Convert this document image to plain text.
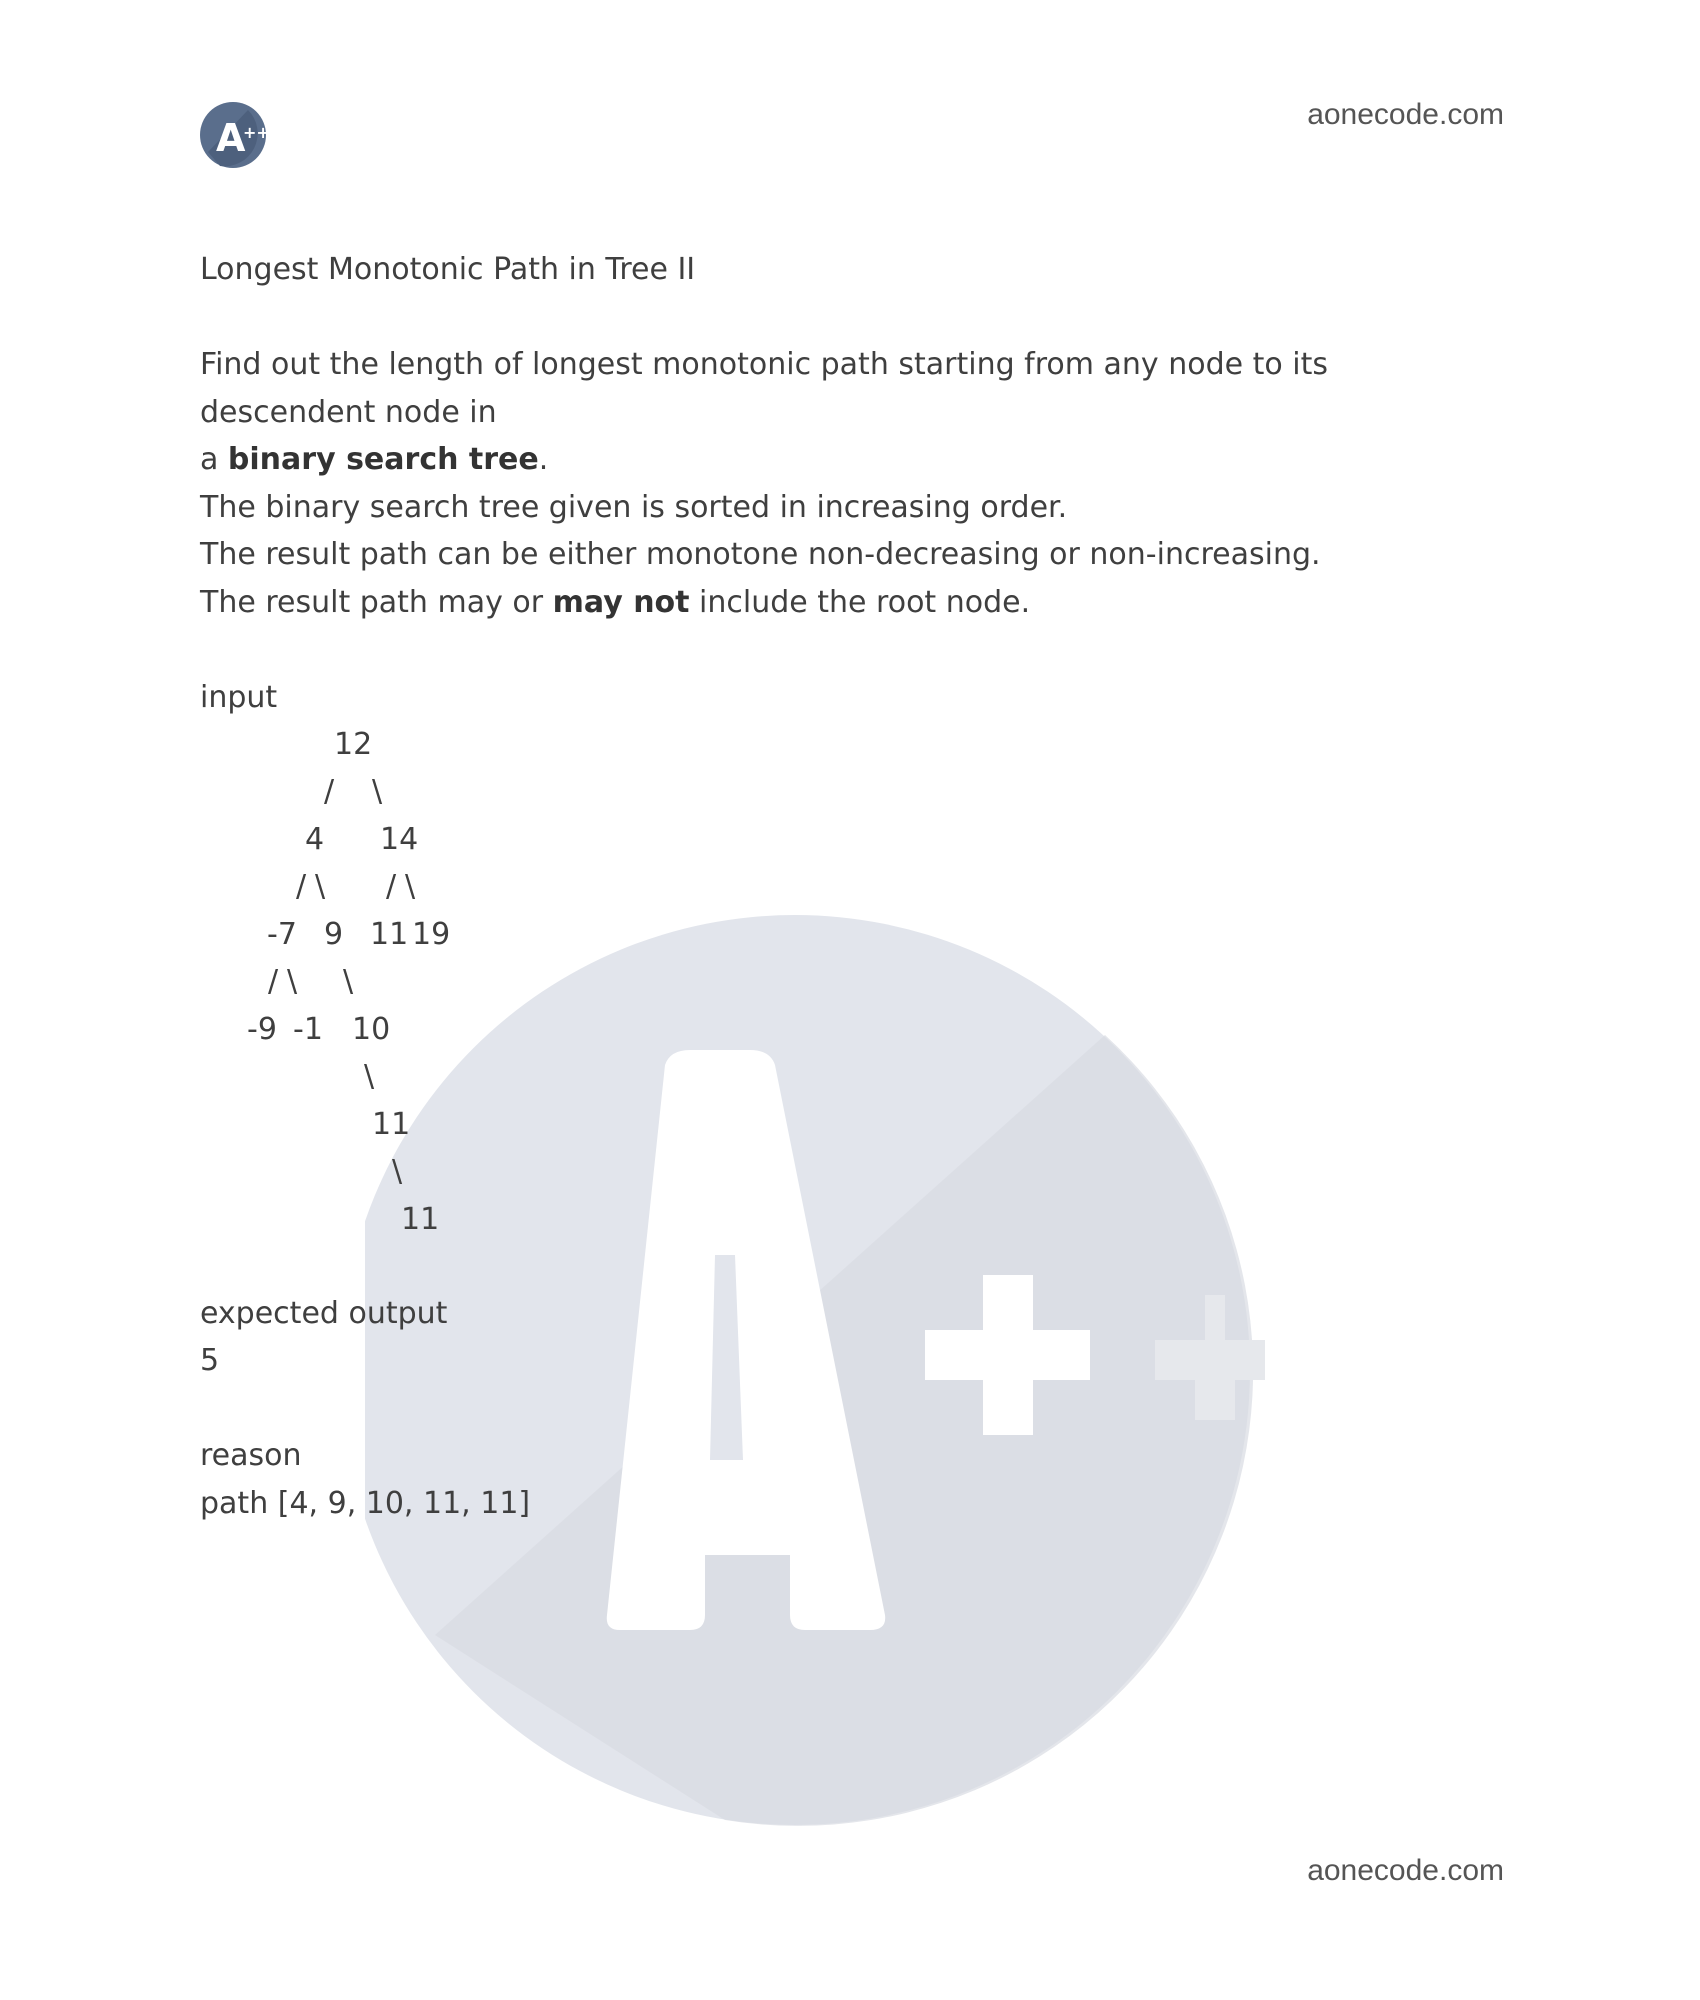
A
++
aonecode.com

Longest Monotonic Path in Tree II

Find out the length of longest monotonic path starting from any node to its descendent node in

a binary search tree.

The binary search tree given is sorted in increasing order.

The result path can be either monotone non-decreasing or non-increasing.

The result path may or may not include the root node.

input

12
/ \
4 14
/ \ / \
-7 9 11 19
/ \ \
-9 -1 10
\
11
\
11

expected output

5

reason

path [4, 9, 10, 11, 11]

aonecode.com
